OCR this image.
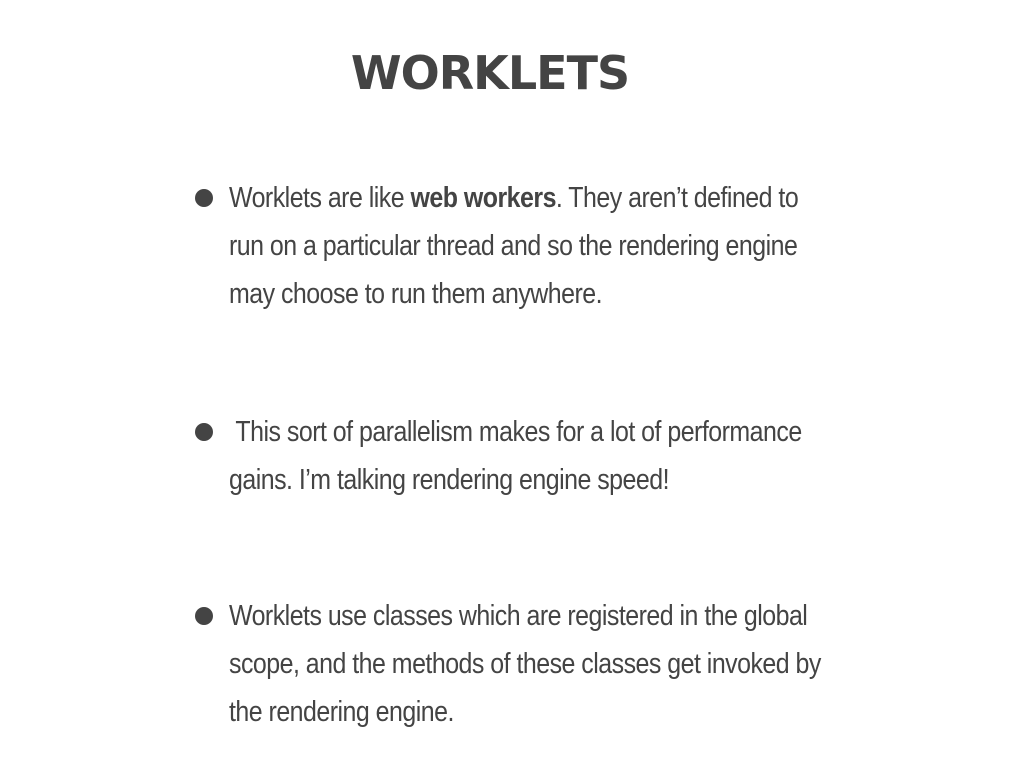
WORKLETS
Worklets are like web workers. They aren’t defined to run on a particular thread and so the rendering engine may choose to run them anywhere.
This sort of parallelism makes for a lot of performance gains. I’m talking rendering engine speed!
Worklets use classes which are registered in the global scope, and the methods of these classes get invoked by the rendering engine.
